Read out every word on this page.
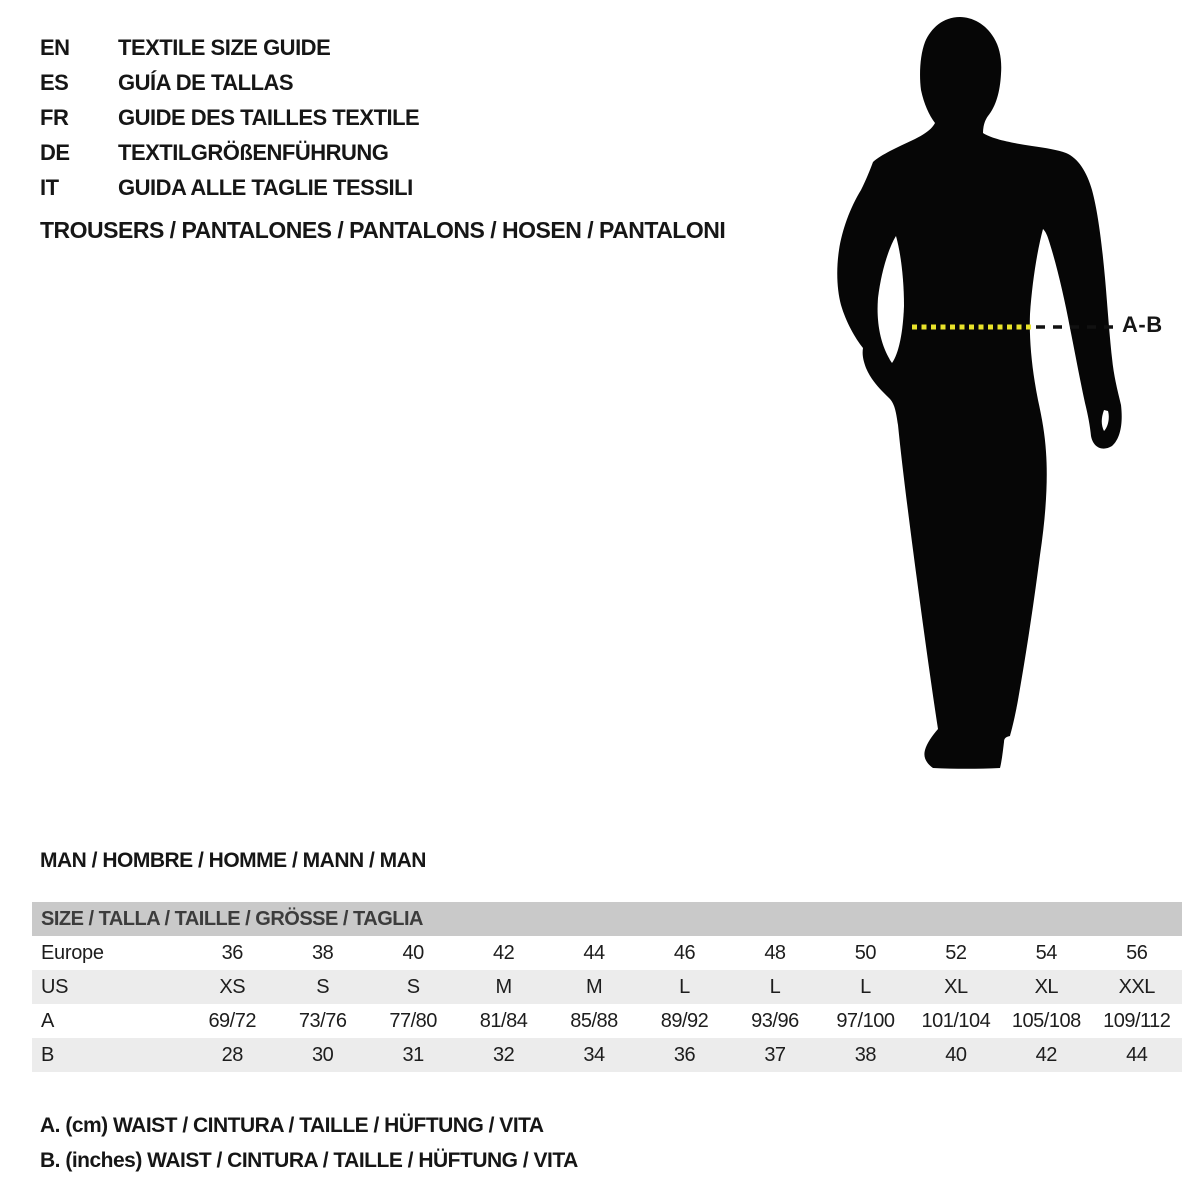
EN	TEXTILE SIZE GUIDE
ES	GUÍA DE TALLAS
FR	GUIDE DES TAILLES TEXTILE
DE	TEXTILGRÖßENFÜHRUNG
IT	GUIDA ALLE TAGLIE TESSILI
TROUSERS / PANTALONES / PANTALONS / HOSEN / PANTALONI
A-B
MAN / HOMBRE / HOMME / MANN / MAN
SIZE / TALLA / TAILLE / GRÖSSE / TAGLIA
Europe	36	38	40	42	44	46	48	50	52	54	56
US	XS	S	S	M	M	L	L	L	XL	XL	XXL
A	69/72	73/76	77/80	81/84	85/88	89/92	93/96	97/100	101/104	105/108	109/112
B	28	30	31	32	34	36	37	38	40	42	44

A. (cm) WAIST / CINTURA / TAILLE / HÜFTUNG / VITA

B. (inches) WAIST / CINTURA / TAILLE / HÜFTUNG / VITA
